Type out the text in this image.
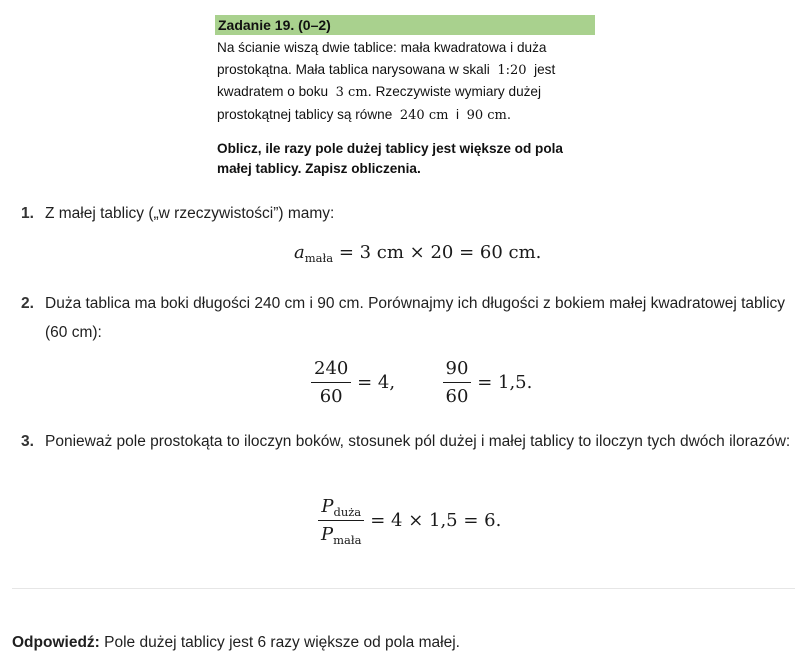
Zadanie 19. (0–2)
Na ścianie wiszą dwie tablice: mała kwadratowa i duża
prostokątna. Mała tablica narysowana w skali 1:20 jest
kwadratem o boku 3 cm. Rzeczywiste wymiary dużej
prostokątnej tablicy są równe 240 cm i 90 cm.
Oblicz, ile razy pole dużej tablicy jest większe od pola
małej tablicy. Zapisz obliczenia.
1. Z małej tablicy („w rzeczywistości”) mamy:
$a_{mała} = 3$ cm × 20 = 60 cm.
2. Duża tablica ma boki długości 240 cm i 90 cm. Porównajmy ich długości z bokiem małej kwadratowej tablicy (60 cm):
$\frac{240}{60} = 4$,	$\frac{90}{60} = 1,5$.
3. Ponieważ pole prostokąta to iloczyn boków, stosunek pól dużej i małej tablicy to iloczyn tych dwóch ilorazów:
$\frac{P_{duża}}{P_{mała}} = 4 \times 1,5 = 6$.
Odpowiedź: Pole dużej tablicy jest 6 razy większe od pola małej.
